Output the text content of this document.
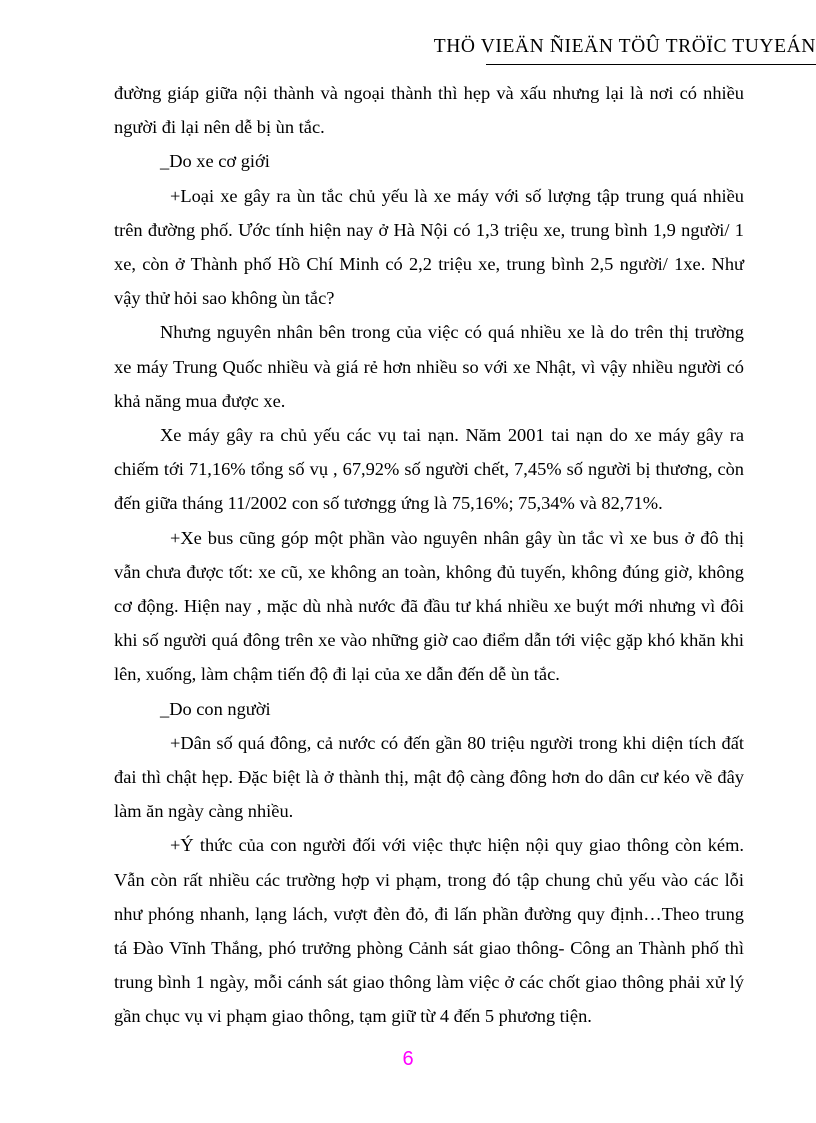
THÖ VIEÄN ÑIEÄN TÖÛ TRÖÏC TUYEÁN

đường giáp giữa nội thành và ngoại thành thì hẹp và xấu nhưng lại là nơi có nhiều người đi lại nên dễ bị ùn tắc.

_Do xe cơ giới

+Loại xe gây ra ùn tắc chủ yếu là xe máy với số lượng tập trung quá nhiều trên đường phố. Ước tính hiện nay ở Hà Nội có 1,3 triệu xe, trung bình 1,9 người/ 1 xe, còn ở Thành phố Hồ Chí Minh có 2,2 triệu xe, trung bình 2,5 người/ 1xe. Như vậy thử hỏi sao không ùn tắc?

Nhưng nguyên nhân bên trong của việc có quá nhiều xe là do trên thị trường xe máy Trung Quốc nhiều và giá rẻ hơn nhiều so với xe Nhật, vì vậy nhiều người có khả năng mua được xe.

Xe máy gây ra chủ yếu các vụ tai nạn. Năm 2001 tai nạn do xe máy gây ra chiếm tới 71,16% tổng số vụ , 67,92% số người chết, 7,45% số người bị thương, còn đến giữa tháng 11/2002 con số tươngg ứng là 75,16%; 75,34% và 82,71%.

+Xe bus cũng góp một phần vào nguyên nhân gây ùn tắc vì xe bus ở đô thị vẫn chưa được tốt: xe cũ, xe không an toàn, không đủ tuyến, không đúng giờ, không cơ động. Hiện nay , mặc dù nhà nước đã đầu tư khá nhiều xe buýt mới nhưng vì đôi khi số người quá đông trên xe vào những giờ cao điểm dẫn tới việc gặp khó khăn khi lên, xuống, làm chậm tiến độ đi lại của xe dẫn đến dễ ùn tắc.

_Do con người

+Dân số quá đông, cả nước có đến gần 80 triệu người trong khi diện tích đất đai thì chật hẹp. Đặc biệt là ở thành thị, mật độ càng đông hơn do dân cư kéo về đây làm ăn ngày càng nhiều.

+Ý thức của con người đối với việc thực hiện nội quy giao thông còn kém. Vẫn còn rất nhiều các trường hợp vi phạm, trong đó tập chung chủ yếu vào các lỗi như phóng nhanh, lạng lách, vượt đèn đỏ, đi lấn phần đường quy định…Theo trung tá Đào Vĩnh Thắng, phó trưởng phòng Cảnh sát giao thông- Công an Thành phố thì trung bình 1 ngày, mỗi cánh sát giao thông làm việc ở các chốt giao thông phải xử lý gần chục vụ vi phạm giao thông, tạm giữ từ 4 đến 5 phương tiện.

6
